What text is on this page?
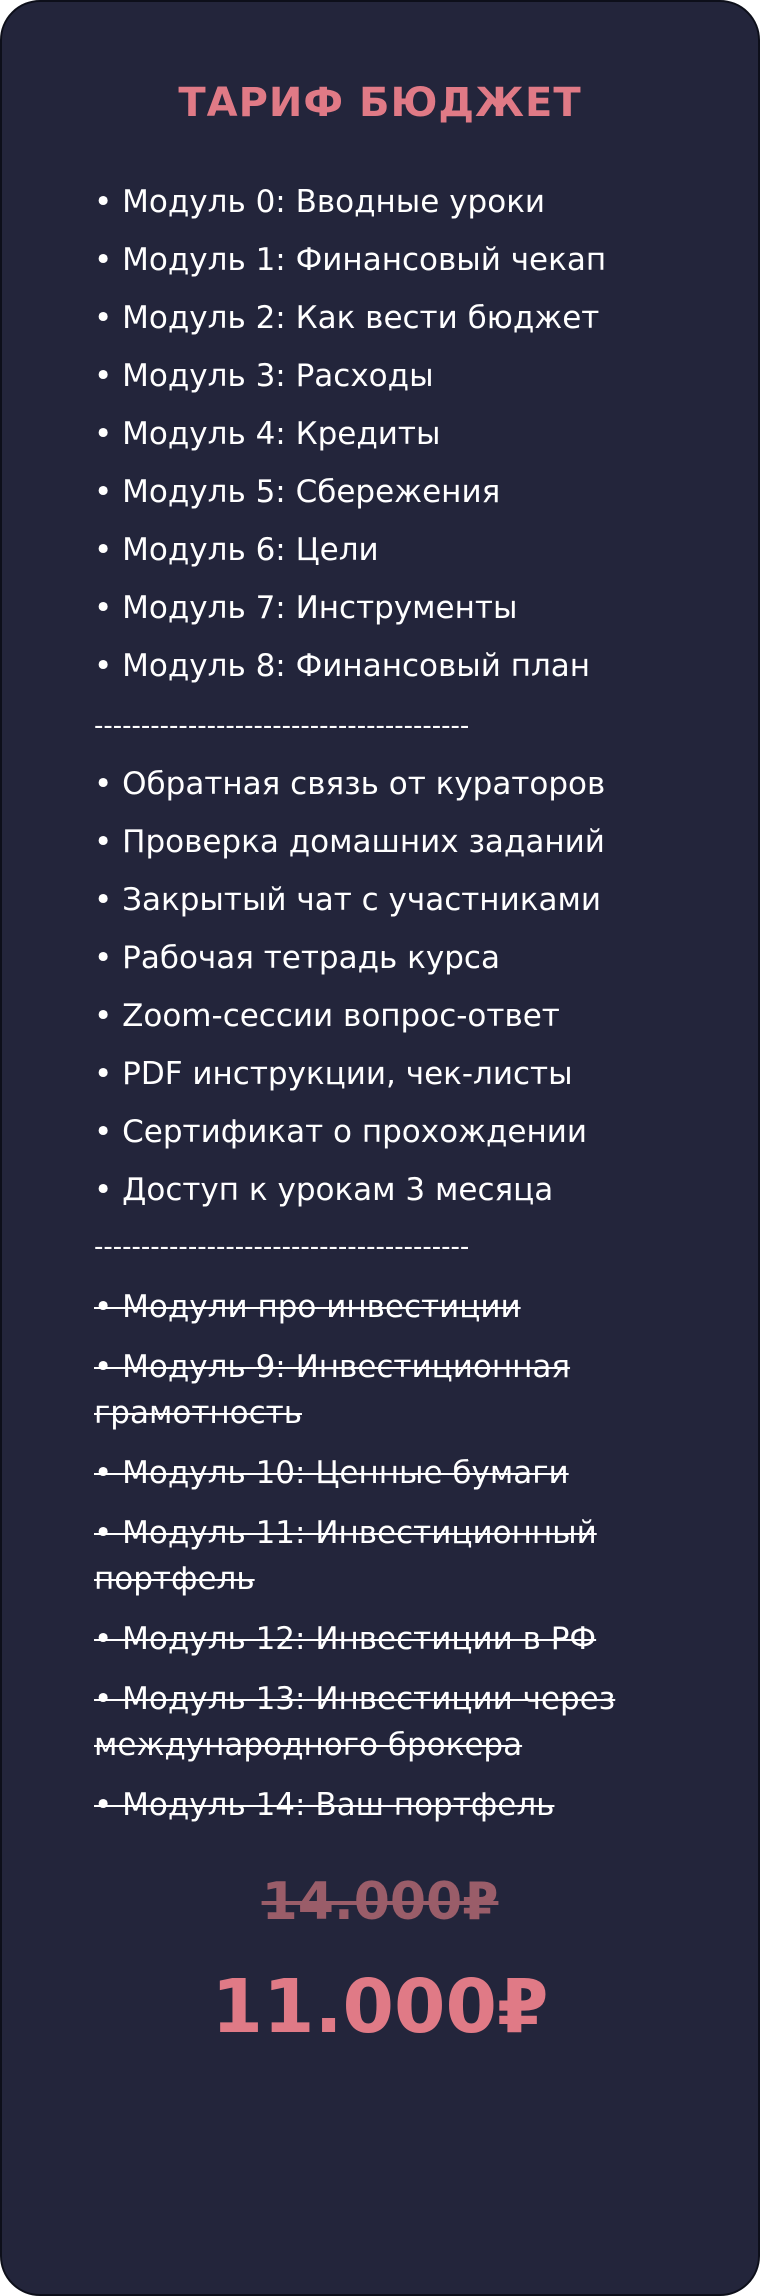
ТАРИФ БЮДЖЕТ
• Модуль 0: Вводные уроки
• Модуль 1: Финансовый чекап
• Модуль 2: Как вести бюджет
• Модуль 3: Расходы
• Модуль 4: Кредиты
• Модуль 5: Сбережения
• Модуль 6: Цели
• Модуль 7: Инструменты
• Модуль 8: Финансовый план
----------------------------------------
• Обратная связь от кураторов
• Проверка домашних заданий
• Закрытый чат с участниками
• Рабочая тетрадь курса
• Zoom-сессии вопрос-ответ
• PDF инструкции, чек-листы
• Сертификат о прохождении
• Доступ к урокам 3 месяца
----------------------------------------
• Модули про инвестиции
• Модуль 9: Инвестиционная грамотность
• Модуль 10: Ценные бумаги
• Модуль 11: Инвестиционный портфель
• Модуль 12: Инвестиции в РФ
• Модуль 13: Инвестиции через международного брокера
• Модуль 14: Ваш портфель
14.000₽
11.000₽
